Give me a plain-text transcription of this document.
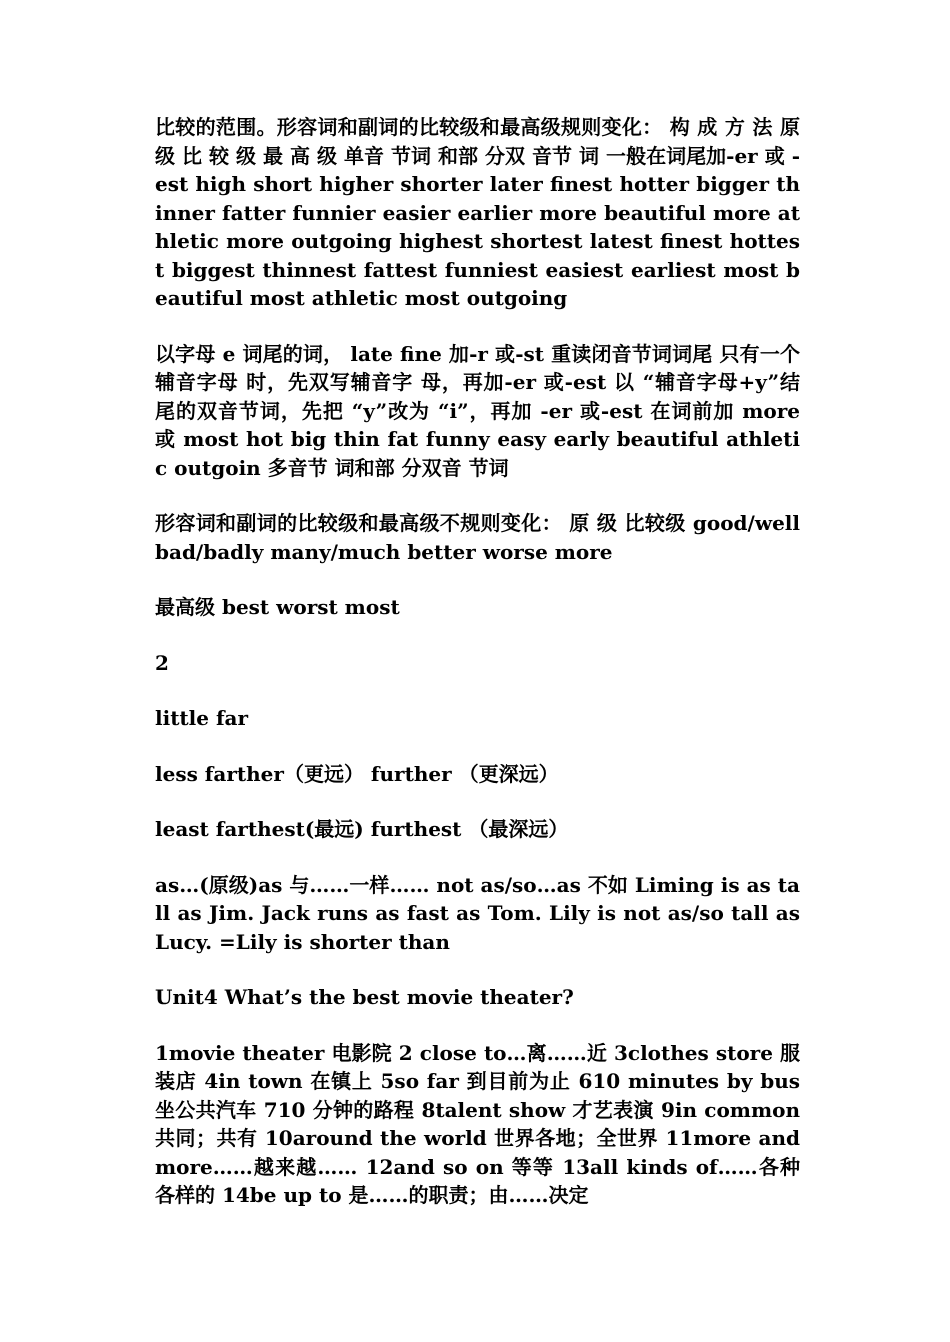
比较的范围。形容词和副词的比较级和最高级规则变化： 构 成 方 法 原 级 比 较 级 最 高 级 单音 节词 和部 分双 音节 词 一般在词尾加-er 或 -est high short higher shorter later finest hotter bigger thinner fatter funnier easier earlier more beautiful more athletic more outgoing highest shortest latest finest hottest biggest thinnest fattest funniest easiest earliest most beautiful most athletic most outgoing

以字母 e 词尾的词， late fine 加-r 或-st 重读闭音节词词尾 只有一个辅音字母 时，先双写辅音字 母，再加-er 或-est 以 “辅音字母+y”结 尾的双音节词，先把 “y”改为 “i”，再加 -er 或-est 在词前加 more 或 most hot big thin fat funny easy early beautiful athletic outgoin 多音节 词和部 分双音 节词

形容词和副词的比较级和最高级不规则变化： 原 级 比较级 good/well bad/badly many/much better worse more

最高级 best worst most

2

little far

less farther（更远） further （更深远）

least farthest(最远) furthest （最深远）

as…(原级)as 与……一样…… not as/so…as 不如 Liming is as tall as Jim. Jack runs as fast as Tom. Lily is not as/so tall as Lucy. =Lily is shorter than

Unit4 What’s the best movie theater?

1movie theater 电影院 2 close to…离……近 3clothes store 服装店 4in town 在镇上 5so far 到目前为止 610 minutes by bus 坐公共汽车 710 分钟的路程 8talent show 才艺表演 9in common 共同；共有 10around the world 世界各地；全世界 11more and more……越来越…… 12and so on 等等 13all kinds of……各种各样的 14be up to 是……的职责；由……决定
